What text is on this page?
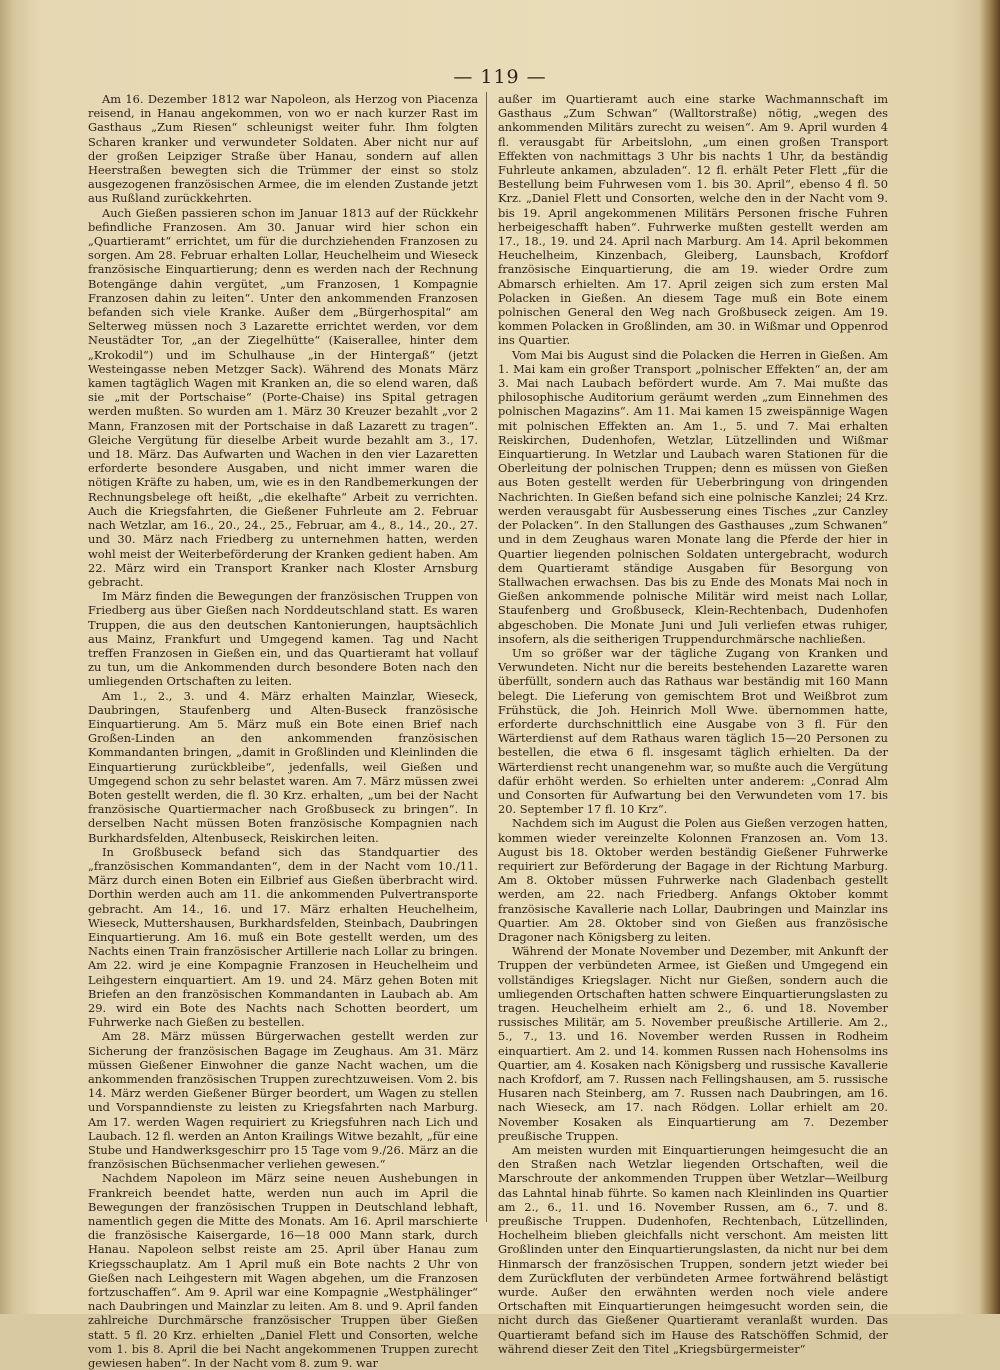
— 119 —

Am 16. Dezember 1812 war Napoleon, als Herzog von Piacenza reisend, in Hanau angekommen, von wo er nach kurzer Rast im Gasthaus „Zum Riesen“ schleunigst weiter fuhr. Ihm folgten Scharen kranker und verwundeter Soldaten. Aber nicht nur auf der großen Leipziger Straße über Hanau, sondern auf allen Heerstraßen bewegten sich die Trümmer der einst so stolz ausgezogenen französischen Armee, die im elenden Zustande jetzt aus Rußland zurückkehrten.

Auch Gießen passieren schon im Januar 1813 auf der Rückkehr befindliche Franzosen. Am 30. Januar wird hier schon ein „Quartieramt“ errichtet, um für die durchziehenden Franzosen zu sorgen. Am 28. Februar erhalten Lollar, Heuchelheim und Wieseck französische Einquartierung; denn es werden nach der Rechnung Botengänge dahin vergütet, „um Franzosen, 1 Kompagnie Franzosen dahin zu leiten“. Unter den ankommenden Franzosen befanden sich viele Kranke. Außer dem „Bürgerhospital“ am Selterweg müssen noch 3 Lazarette errichtet werden, vor dem Neustädter Tor, „an der Ziegelhütte“ (Kaiserallee, hinter dem „Krokodil“) und im Schulhause „in der Hintergaß“ (jetzt Westeingasse neben Metzger Sack). Während des Monats März kamen tagtäglich Wagen mit Kranken an, die so elend waren, daß sie „mit der Portschaise“ (Porte-Chaise) ins Spital getragen werden mußten. So wurden am 1. März 30 Kreuzer bezahlt „vor 2 Mann, Franzosen mit der Portschaise in daß Lazarett zu tragen“. Gleiche Vergütung für dieselbe Arbeit wurde bezahlt am 3., 17. und 18. März. Das Aufwarten und Wachen in den vier Lazaretten erforderte besondere Ausgaben, und nicht immer waren die nötigen Kräfte zu haben, um, wie es in den Randbemerkungen der Rechnungsbelege oft heißt, „die ekelhafte“ Arbeit zu verrichten. Auch die Kriegsfahrten, die Gießener Fuhrleute am 2. Februar nach Wetzlar, am 16., 20., 24., 25., Februar, am 4., 8., 14., 20., 27. und 30. März nach Friedberg zu unternehmen hatten, werden wohl meist der Weiterbeförderung der Kranken gedient haben. Am 22. März wird ein Transport Kranker nach Kloster Arnsburg gebracht.

Im März finden die Bewegungen der französischen Truppen von Friedberg aus über Gießen nach Norddeutschland statt. Es waren Truppen, die aus den deutschen Kantonierungen, hauptsächlich aus Mainz, Frankfurt und Umgegend kamen. Tag und Nacht treffen Franzosen in Gießen ein, und das Quartieramt hat vollauf zu tun, um die Ankommenden durch besondere Boten nach den umliegenden Ortschaften zu leiten.

Am 1., 2., 3. und 4. März erhalten Mainzlar, Wieseck, Daubringen, Staufenberg und Alten-Buseck französische Einquartierung. Am 5. März muß ein Bote einen Brief nach Großen-Linden an den ankommenden französischen Kommandanten bringen, „damit in Großlinden und Kleinlinden die Einquartierung zurückbleibe“, jedenfalls, weil Gießen und Umgegend schon zu sehr belastet waren. Am 7. März müssen zwei Boten gestellt werden, die fl. 30 Krz. erhalten, „um bei der Nacht französische Quartiermacher nach Großbuseck zu bringen“. In derselben Nacht müssen Boten französische Kompagnien nach Burkhardsfelden, Altenbuseck, Reiskirchen leiten.

In Großbuseck befand sich das Standquartier des „französischen Kommandanten“, dem in der Nacht vom 10./11. März durch einen Boten ein Eilbrief aus Gießen überbracht wird. Dorthin werden auch am 11. die ankommenden Pulvertransporte gebracht. Am 14., 16. und 17. März erhalten Heuchelheim, Wieseck, Muttershausen, Burkhardsfelden, Steinbach, Daubringen Einquartierung. Am 16. muß ein Bote gestellt werden, um des Nachts einen Train französischer Artillerie nach Lollar zu bringen. Am 22. wird je eine Kompagnie Franzosen in Heuchelheim und Leihgestern einquartiert. Am 19. und 24. März gehen Boten mit Briefen an den französischen Kommandanten in Laubach ab. Am 29. wird ein Bote des Nachts nach Schotten beordert, um Fuhrwerke nach Gießen zu bestellen.

Am 28. März müssen Bürgerwachen gestellt werden zur Sicherung der französischen Bagage im Zeughaus. Am 31. März müssen Gießener Einwohner die ganze Nacht wachen, um die ankommenden französischen Truppen zurechtzuweisen. Vom 2. bis 14. März werden Gießener Bürger beordert, um Wagen zu stellen und Vorspanndienste zu leisten zu Kriegsfahrten nach Marburg. Am 17. werden Wagen requiriert zu Kriegsfuhren nach Lich und Laubach. 12 fl. werden an Anton Krailings Witwe bezahlt, „für eine Stube und Handwerksgeschirr pro 15 Tage vom 9./26. März an die französischen Büchsenmacher verliehen gewesen.“

Nachdem Napoleon im März seine neuen Aushebungen in Frankreich beendet hatte, werden nun auch im April die Bewegungen der französischen Truppen in Deutschland lebhaft, namentlich gegen die Mitte des Monats. Am 16. April marschierte die französische Kaisergarde, 16—18 000 Mann stark, durch Hanau. Napoleon selbst reiste am 25. April über Hanau zum Kriegsschauplatz. Am 1 April muß ein Bote nachts 2 Uhr von Gießen nach Leihgestern mit Wagen abgehen, um die Franzosen fortzuschaffen“. Am 9. April war eine Kompagnie „Westphälinger“ nach Daubringen und Mainzlar zu leiten. Am 8. und 9. April fanden zahlreiche Durchmärsche französischer Truppen über Gießen statt. 5 fl. 20 Krz. erhielten „Daniel Flett und Consorten, welche vom 1. bis 8. April die bei Nacht angekommenen Truppen zurecht gewiesen haben“. In der Nacht vom 8. zum 9. war

außer im Quartieramt auch eine starke Wachmannschaft im Gasthaus „Zum Schwan“ (Walltorstraße) nötig, „wegen des ankommenden Militärs zurecht zu weisen“. Am 9. April wurden 4 fl. verausgabt für Arbeitslohn, „um einen großen Transport Effekten von nachmittags 3 Uhr bis nachts 1 Uhr, da beständig Fuhrleute ankamen, abzuladen“. 12 fl. erhält Peter Flett „für die Bestellung beim Fuhrwesen vom 1. bis 30. April“, ebenso 4 fl. 50 Krz. „Daniel Flett und Consorten, welche den in der Nacht vom 9. bis 19. April angekommenen Militärs Personen frische Fuhren herbeigeschafft haben“. Fuhrwerke mußten gestellt werden am 17., 18., 19. und 24. April nach Marburg. Am 14. April bekommen Heuchelheim, Kinzenbach, Gleiberg, Launsbach, Krofdorf französische Einquartierung, die am 19. wieder Ordre zum Abmarsch erhielten. Am 17. April zeigen sich zum ersten Mal Polacken in Gießen. An diesem Tage muß ein Bote einem polnischen General den Weg nach Großbuseck zeigen. Am 19. kommen Polacken in Großlinden, am 30. in Wißmar und Oppenrod ins Quartier.

Vom Mai bis August sind die Polacken die Herren in Gießen. Am 1. Mai kam ein großer Transport „polnischer Effekten“ an, der am 3. Mai nach Laubach befördert wurde. Am 7. Mai mußte das philosophische Auditorium geräumt werden „zum Einnehmen des polnischen Magazins“. Am 11. Mai kamen 15 zweispännige Wagen mit polnischen Effekten an. Am 1., 5. und 7. Mai erhalten Reiskirchen, Dudenhofen, Wetzlar, Lützellinden und Wißmar Einquartierung. In Wetzlar und Laubach waren Stationen für die Oberleitung der polnischen Truppen; denn es müssen von Gießen aus Boten gestellt werden für Ueberbringung von dringenden Nachrichten. In Gießen befand sich eine polnische Kanzlei; 24 Krz. werden verausgabt für Ausbesserung eines Tisches „zur Canzley der Polacken“. In den Stallungen des Gasthauses „zum Schwanen“ und in dem Zeughaus waren Monate lang die Pferde der hier in Quartier liegenden polnischen Soldaten untergebracht, wodurch dem Quartieramt ständige Ausgaben für Besorgung von Stallwachen erwachsen. Das bis zu Ende des Monats Mai noch in Gießen ankommende polnische Militär wird meist nach Lollar, Staufenberg und Großbuseck, Klein-Rechtenbach, Dudenhofen abgeschoben. Die Monate Juni und Juli verliefen etwas ruhiger, insofern, als die seitherigen Truppendurchmärsche nachließen.

Um so größer war der tägliche Zugang von Kranken und Verwundeten. Nicht nur die bereits bestehenden Lazarette waren überfüllt, sondern auch das Rathaus war beständig mit 160 Mann belegt. Die Lieferung von gemischtem Brot und Weißbrot zum Frühstück, die Joh. Heinrich Moll Wwe. übernommen hatte, erforderte durchschnittlich eine Ausgabe von 3 fl. Für den Wärterdienst auf dem Rathaus waren täglich 15—20 Personen zu bestellen, die etwa 6 fl. insgesamt täglich erhielten. Da der Wärterdienst recht unangenehm war, so mußte auch die Vergütung dafür erhöht werden. So erhielten unter anderem: „Conrad Alm und Consorten für Aufwartung bei den Verwundeten vom 17. bis 20. September 17 fl. 10 Krz“.

Nachdem sich im August die Polen aus Gießen verzogen hatten, kommen wieder vereinzelte Kolonnen Franzosen an. Vom 13. August bis 18. Oktober werden beständig Gießener Fuhrwerke requiriert zur Beförderung der Bagage in der Richtung Marburg. Am 8. Oktober müssen Fuhrwerke nach Gladenbach gestellt werden, am 22. nach Friedberg. Anfangs Oktober kommt französische Kavallerie nach Lollar, Daubringen und Mainzlar ins Quartier. Am 28. Oktober sind von Gießen aus französische Dragoner nach Königsberg zu leiten.

Während der Monate November und Dezember, mit Ankunft der Truppen der verbündeten Armee, ist Gießen und Umgegend ein vollständiges Kriegslager. Nicht nur Gießen, sondern auch die umliegenden Ortschaften hatten schwere Einquartierungslasten zu tragen. Heuchelheim erhielt am 2., 6. und 18. November russisches Militär, am 5. November preußische Artillerie. Am 2., 5., 7., 13. und 16. November werden Russen in Rodheim einquartiert. Am 2. und 14. kommen Russen nach Hohensolms ins Quartier, am 4. Kosaken nach Königsberg und russische Kavallerie nach Krofdorf, am 7. Russen nach Fellingshausen, am 5. russische Husaren nach Steinberg, am 7. Russen nach Daubringen, am 16. nach Wieseck, am 17. nach Rödgen. Lollar erhielt am 20. November Kosaken als Einquartierung am 7. Dezember preußische Truppen.

Am meisten wurden mit Einquartierungen heimgesucht die an den Straßen nach Wetzlar liegenden Ortschaften, weil die Marschroute der ankommenden Truppen über Wetzlar—Weilburg das Lahntal hinab führte. So kamen nach Kleinlinden ins Quartier am 2., 6., 11. und 16. November Russen, am 6., 7. und 8. preußische Truppen. Dudenhofen, Rechtenbach, Lützellinden, Hochelheim blieben gleichfalls nicht verschont. Am meisten litt Großlinden unter den Einquartierungslasten, da nicht nur bei dem Hinmarsch der französischen Truppen, sondern jetzt wieder bei dem Zurückfluten der verbündeten Armee fortwährend belästigt wurde. Außer den erwähnten werden noch viele andere Ortschaften mit Einquartierungen heimgesucht worden sein, die nicht durch das Gießener Quartieramt veranlaßt wurden. Das Quartieramt befand sich im Hause des Ratschöffen Schmid, der während dieser Zeit den Titel „Kriegsbürgermeister“
